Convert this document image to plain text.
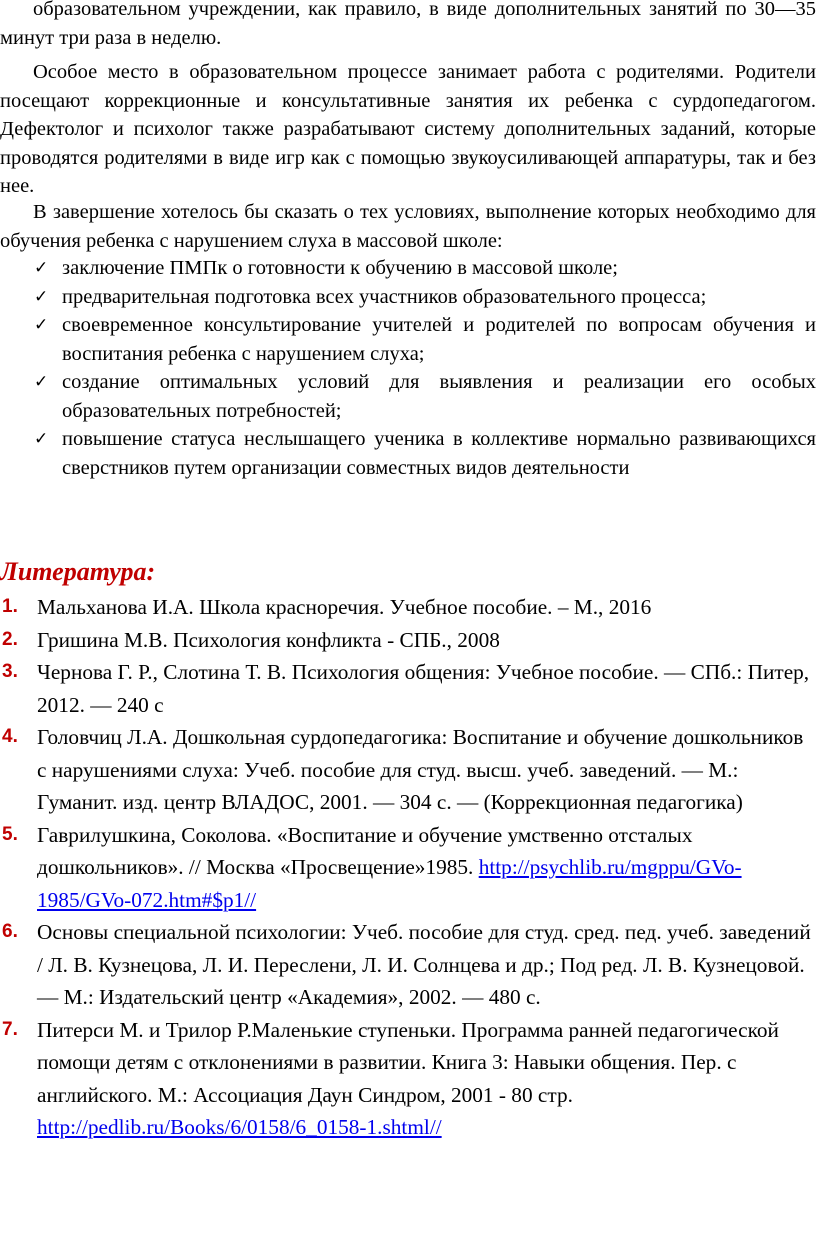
образовательном учреждении, как правило, в виде дополнительных занятий по 30—35 минут три раза в неделю.

Особое место в образовательном процессе занимает работа с родителями. Родители посещают коррекционные и консультативные занятия их ребенка с сурдопедагогом. Дефектолог и психолог также разрабатывают систему дополнительных заданий, которые проводятся родителями в виде игр как с помощью звукоусиливающей аппаратуры, так и без нее.

В завершение хотелось бы сказать о тех условиях, выполнение которых необходимо для обучения ребенка с нарушением слуха в массовой школе:

✓ заключение ПМПк о готовности к обучению в массовой школе;
✓ предварительная подготовка всех участников образовательного процесса;
✓ своевременное консультирование учителей и родителей по вопросам обучения и воспитания ребенка с нарушением слуха;
✓ создание оптимальных условий для выявления и реализации его особых образовательных потребностей;
✓ повышение статуса неслышащего ученика в коллективе нормально развивающихся сверстников путем организации совместных видов деятельности
Литература:
1. Мальханова И.А. Школа красноречия. Учебное пособие. – М., 2016
2. Гришина М.В. Психология конфликта - СПБ., 2008
3. Чернова Г. Р., Слотина Т. В. Психология общения: Учебное пособие. — СПб.: Питер, 2012. — 240 с
4. Головчиц Л.А. Дошкольная сурдопедагогика: Воспитание и обучение дошкольников с нарушениями слуха: Учеб. пособие для студ. высш. учеб. заведений. — М.: Гуманит. изд. центр ВЛАДОС, 2001. — 304 с. — (Коррекционная педагогика)
5. Гаврилушкина, Соколова. «Воспитание и обучение умственно отсталых дошкольников». // Москва «Просвещение»1985. http://psychlib.ru/mgppu/GVo-1985/GVo-072.htm#$p1//
6. Основы специальной психологии: Учеб. пособие для студ. сред. пед. учеб. заведений / Л. В. Кузнецова, Л. И. Переслени, Л. И. Солнцева и др.; Под ред. Л. В. Кузнецовой. — М.: Издательский центр «Академия», 2002. — 480 с.
7. Питерси М. и Трилор Р.Маленькие ступеньки. Программа ранней педагогической помощи детям с отклонениями в развитии. Книга 3: Навыки общения. Пер. с английского. М.: Ассоциация Даун Синдром, 2001 - 80 стр. http://pedlib.ru/Books/6/0158/6_0158-1.shtml//
